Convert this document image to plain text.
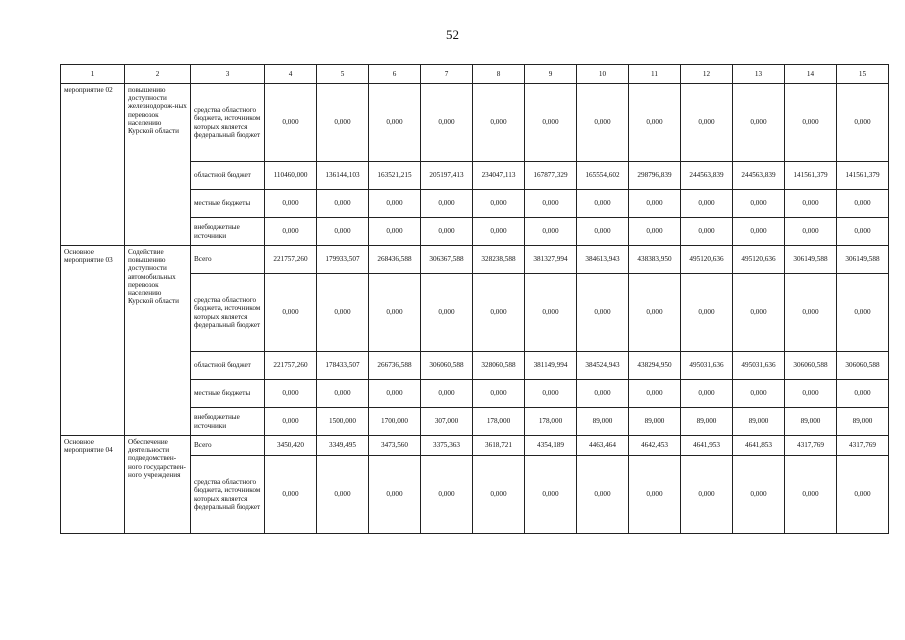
52
1	2	3	4	5	6	7	8	9	10	11	12	13	14	15
мероприятие 02	повышению доступности железнодорож-ных перевозок населению Курской области	средства областного бюджета, источником которых является федеральный бюджет	0,000	0,000	0,000	0,000	0,000	0,000	0,000	0,000	0,000	0,000	0,000	0,000
		областной бюджет	110460,000	136144,103	163521,215	205197,413	234047,113	167877,329	165554,602	298796,839	244563,839	244563,839	141561,379	141561,379
		местные бюджеты	0,000	0,000	0,000	0,000	0,000	0,000	0,000	0,000	0,000	0,000	0,000	0,000
		внебюджетные источники	0,000	0,000	0,000	0,000	0,000	0,000	0,000	0,000	0,000	0,000	0,000	0,000
Основное мероприятие 03	Содействие повышению доступности автомобильных перевозок населению Курской области	Всего	221757,260	179933,507	268436,588	306367,588	328238,588	381327,994	384613,943	438383,950	495120,636	495120,636	306149,588	306149,588
		средства областного бюджета, источником которых является федеральный бюджет	0,000	0,000	0,000	0,000	0,000	0,000	0,000	0,000	0,000	0,000	0,000	0,000
		областной бюджет	221757,260	178433,507	266736,588	306060,588	328060,588	381149,994	384524,943	438294,950	495031,636	495031,636	306060,588	306060,588
		местные бюджеты	0,000	0,000	0,000	0,000	0,000	0,000	0,000	0,000	0,000	0,000	0,000	0,000
		внебюджетные источники	0,000	1500,000	1700,000	307,000	178,000	178,000	89,000	89,000	89,000	89,000	89,000	89,000
Основное мероприятие 04	Обеспечение деятельности подведомствен-ного государствен-ного учреждения	Всего	3450,420	3349,495	3473,560	3375,363	3618,721	4354,189	4463,464	4642,453	4641,953	4641,853	4317,769	4317,769
		средства областного бюджета, источником которых является федеральный бюджет	0,000	0,000	0,000	0,000	0,000	0,000	0,000	0,000	0,000	0,000	0,000	0,000
